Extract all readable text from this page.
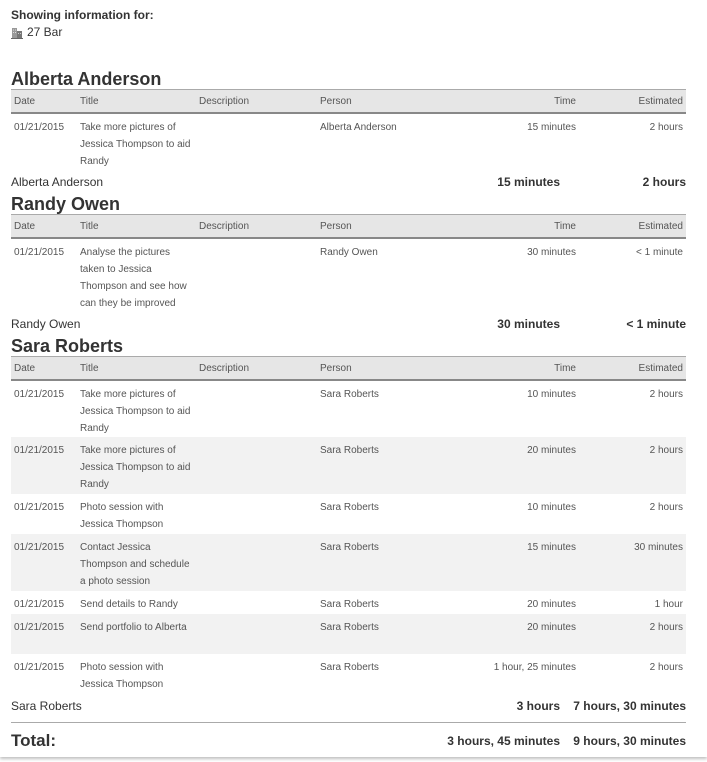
Showing information for:
27 Bar
Alberta Anderson
Date	Title	Description	Person	Time	Estimated
01/21/2015	Take more pictures of Jessica Thompson to aid Randy		Alberta Anderson	15 minutes	2 hours
Alberta Anderson	15 minutes	2 hours
Randy Owen
Date	Title	Description	Person	Time	Estimated
01/21/2015	Analyse the pictures taken to Jessica Thompson and see how can they be improved		Randy Owen	30 minutes	< 1 minute
Randy Owen	30 minutes	< 1 minute
Sara Roberts
Date	Title	Description	Person	Time	Estimated
01/21/2015	Take more pictures of Jessica Thompson to aid Randy		Sara Roberts	10 minutes	2 hours
01/21/2015	Take more pictures of Jessica Thompson to aid Randy		Sara Roberts	20 minutes	2 hours
01/21/2015	Photo session with Jessica Thompson		Sara Roberts	10 minutes	2 hours
01/21/2015	Contact Jessica Thompson and schedule a photo session		Sara Roberts	15 minutes	30 minutes
01/21/2015	Send details to Randy		Sara Roberts	20 minutes	1 hour
01/21/2015	Send portfolio to Alberta		Sara Roberts	20 minutes	2 hours
01/21/2015	Photo session with Jessica Thompson		Sara Roberts	1 hour, 25 minutes	2 hours
Sara Roberts	3 hours	7 hours, 30 minutes
Total:	3 hours, 45 minutes	9 hours, 30 minutes
